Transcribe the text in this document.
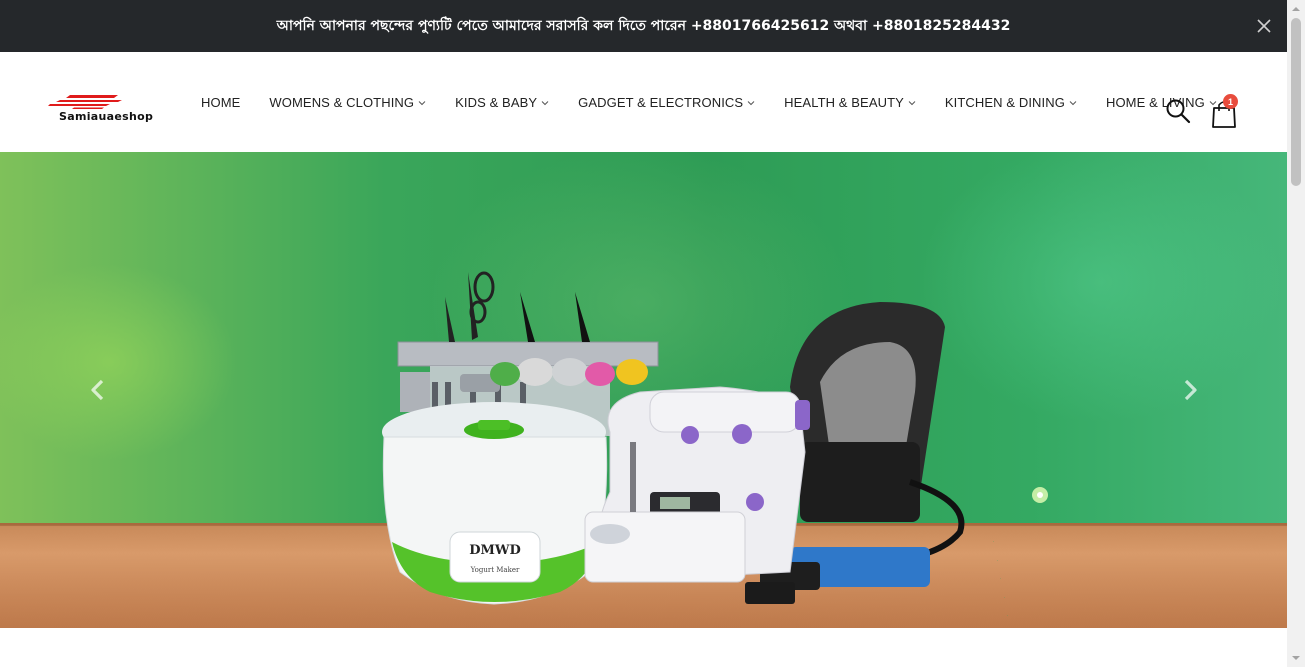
আপনি আপনার পছন্দের পুণ্যটি পেতে আমাদের সরাসরি কল দিতে পারেন +8801766425612 অথবা +8801825284432
Samiauaeshop
HOME WOMENS & CLOTHING	KIDS & BABY	GADGET & ELECTRONICS	HEALTH & BEAUTY	KITCHEN & DINING	HOME & LIVING	1
DMWD
Yogurt Maker
